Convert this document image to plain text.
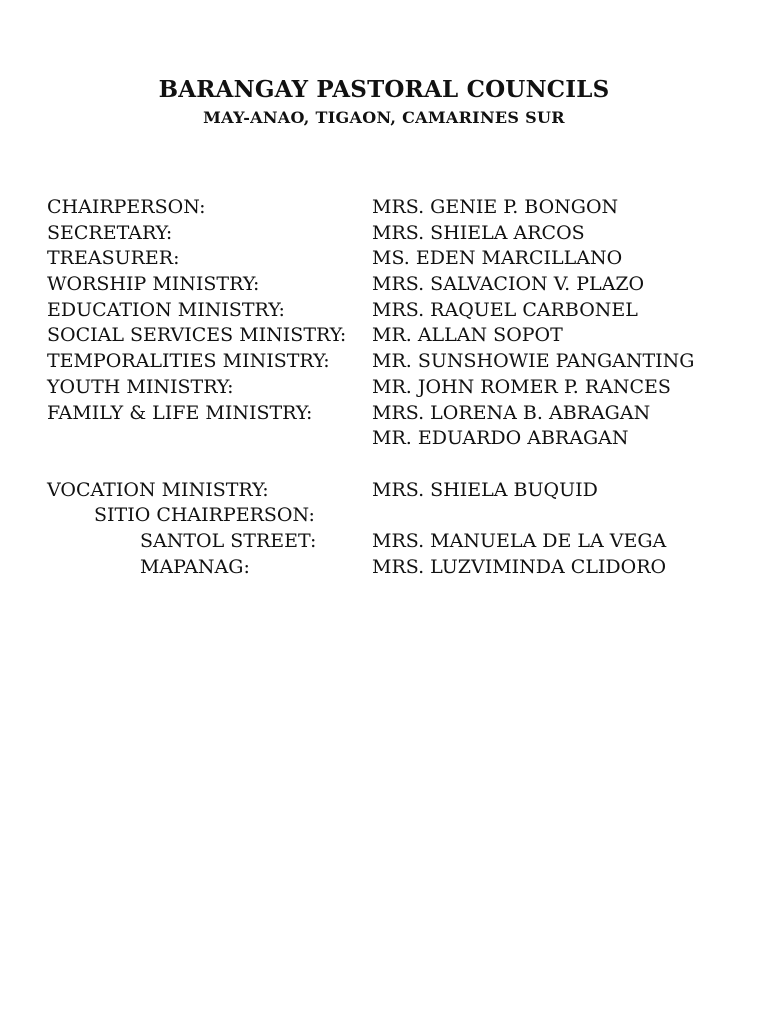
BARANGAY PASTORAL COUNCILS
MAY-ANAO, TIGAON, CAMARINES SUR
CHAIRPERSON:	MRS. GENIE P. BONGON
SECRETARY:	MRS. SHIELA ARCOS
TREASURER:	MS. EDEN MARCILLANO
WORSHIP MINISTRY:	MRS. SALVACION V. PLAZO
EDUCATION MINISTRY:	MRS. RAQUEL CARBONEL
SOCIAL SERVICES MINISTRY: MR. ALLAN SOPOT
TEMPORALITIES MINISTRY: MR. SUNSHOWIE PANGANTING
YOUTH MINISTRY:	MR. JOHN ROMER P. RANCES
FAMILY & LIFE MINISTRY:	MRS. LORENA B. ABRAGAN
MR. EDUARDO ABRAGAN
VOCATION MINISTRY:	MRS. SHIELA BUQUID
SITIO CHAIRPERSON:
SANTOL STREET:	MRS. MANUELA DE LA VEGA
MAPANAG:	MRS. LUZVIMINDA CLIDORO
